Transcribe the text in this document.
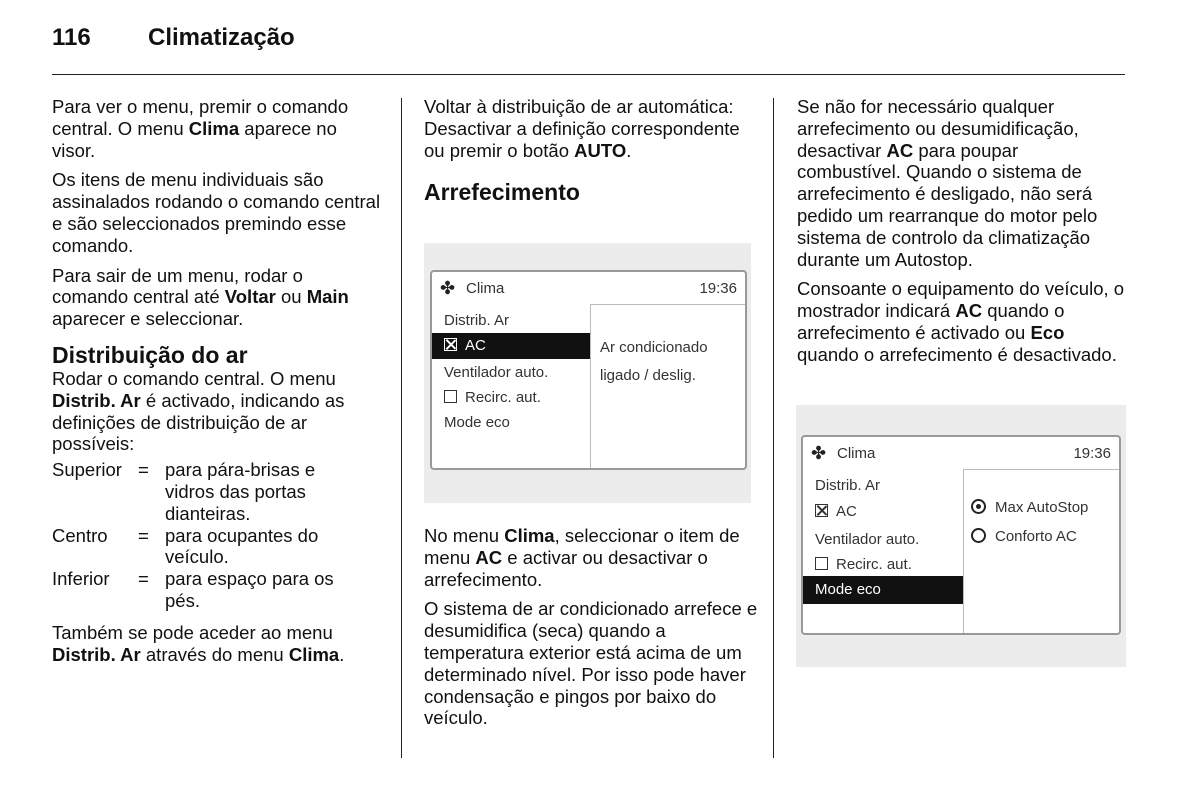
116 Climatização

Para ver o menu, premir o comando central. O menu Clima aparece no visor.

Os itens de menu individuais são assinalados rodando o comando central e são seleccionados premindo esse comando.

Para sair de um menu, rodar o comando central até Voltar ou Main aparecer e seleccionar.

Distribuição do ar

Rodar o comando central. O menu Distrib. Ar é activado, indicando as definições de distribuição de ar possíveis:

Superior	=	para pára-brisas e vidros das portas dianteiras.
Centro	=	para ocupantes do veículo.
Inferior	=	para espaço para os pés.

Também se pode aceder ao menu Distrib. Ar através do menu Clima.

Voltar à distribuição de ar automática: Desactivar a definição correspondente ou premir o botão AUTO.

Arrefecimento
✤ Clima	19:36
Distrib. Ar
AC
Ventilador auto.
Recirc. aut.
Mode eco
Ar condicionado
ligado / deslig.

No menu Clima, seleccionar o item de menu AC e activar ou desactivar o arrefecimento.

O sistema de ar condicionado arrefece e desumidifica (seca) quando a temperatura exterior está acima de um determinado nível. Por isso pode haver condensação e pingos por baixo do veículo.

Se não for necessário qualquer arrefecimento ou desumidificação, desactivar AC para poupar combustível. Quando o sistema de arrefecimento é desligado, não será pedido um rearranque do motor pelo sistema de controlo da climatização durante um Autostop.

Consoante o equipamento do veículo, o mostrador indicará AC quando o arrefecimento é activado ou Eco quando o arrefecimento é desactivado.

✤ Clima	19:36
Distrib. Ar
AC
Ventilador auto.
Recirc. aut.
Mode eco
Max AutoStop
Conforto AC
